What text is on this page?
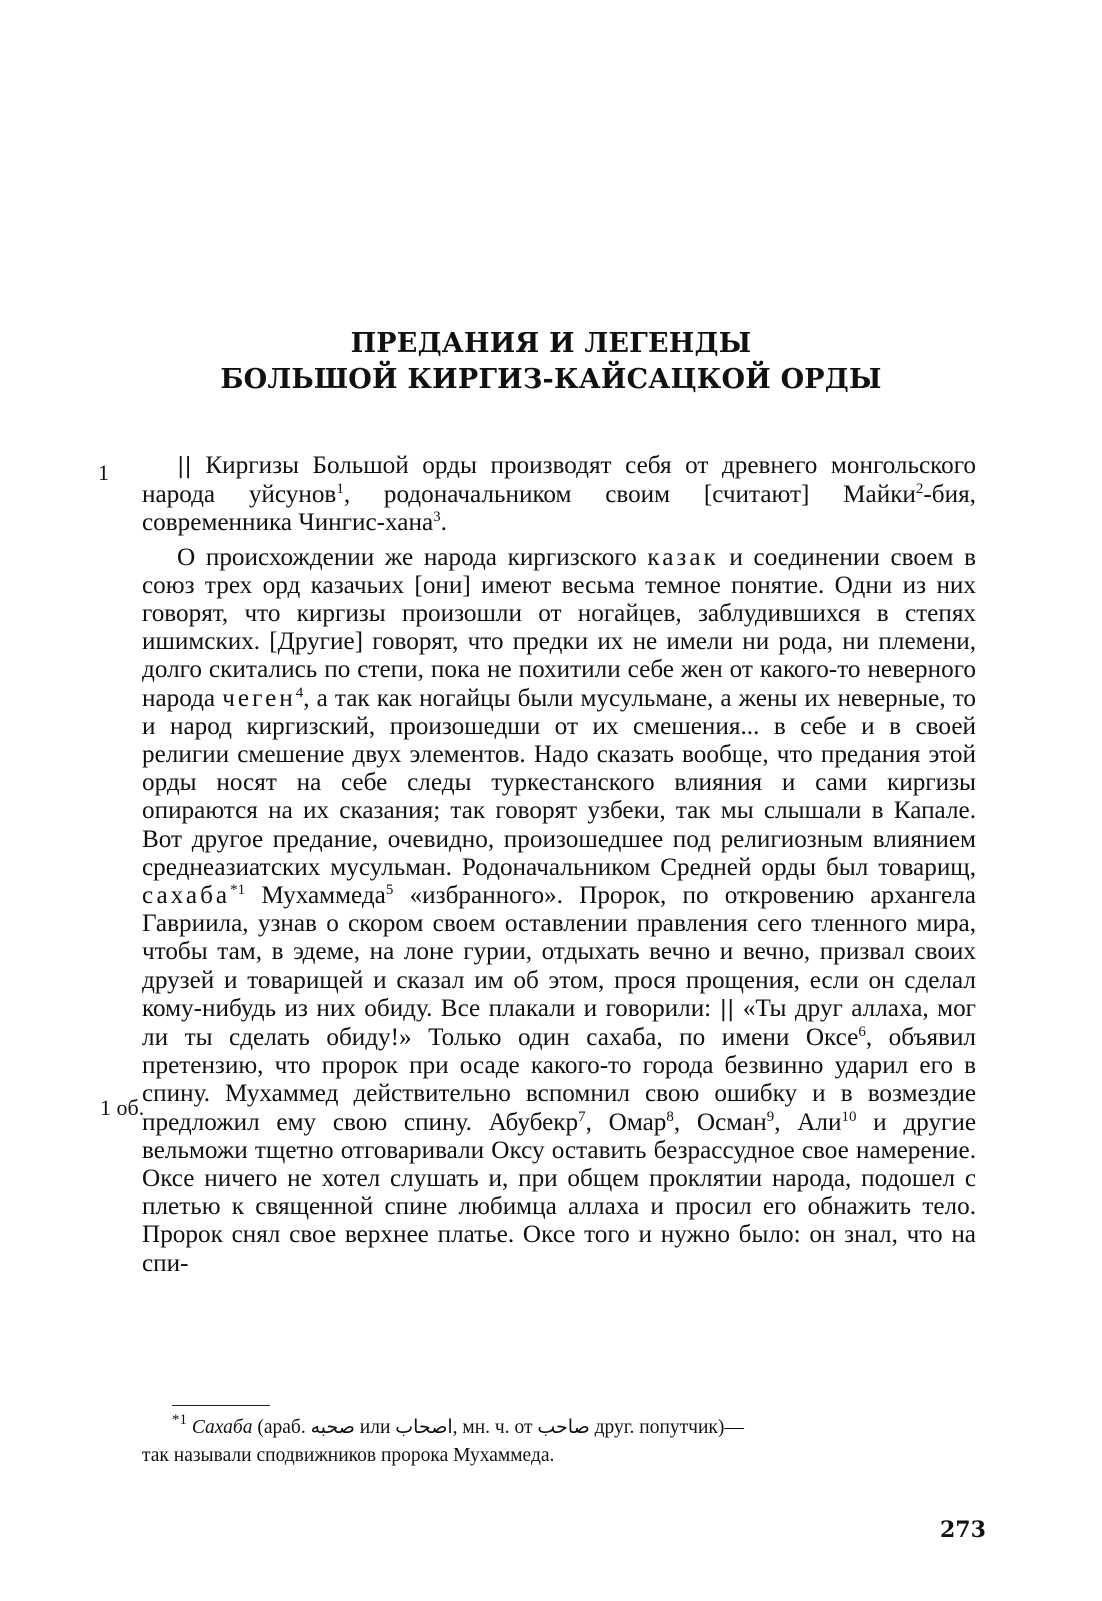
ПРЕДАНИЯ И ЛЕГЕНДЫ
БОЛЬШОЙ КИРГИЗ-КАЙСАЦКОЙ ОРДЫ
1
1 об.

|| Киргизы Большой орды производят себя от древнего монгольского народа уйсунов$^1$, родоначальником своим [считают] Майки$^2$-бия, современника Чингис-хана$^3$.

О происхождении же народа киргизского казак и соединении своем в союз трех орд казачьих [они] имеют весьма темное понятие. Одни из них говорят, что киргизы произошли от ногайцев, заблудившихся в степях ишимских. [Другие] говорят, что предки их не имели ни рода, ни племени, долго скитались по степи, пока не похитили себе жен от какого-то неверного народа чеген$^4$, а так как ногайцы были мусульмане, а жены их неверные, то и народ киргизский, произошедши от их смешения... в себе и в своей религии смешение двух элементов. Надо сказать вообще, что предания этой орды носят на себе следы туркестанского влияния и сами киргизы опираются на их сказания; так говорят узбеки, так мы слышали в Капале. Вот другое предание, очевидно, произошедшее под религиозным влиянием среднеазиатских мусульман. Родоначальником Средней орды был товарищ, сахаба$^{*1}$ Мухаммеда$^5$ «избранного». Пророк, по откровению архангела Гавриила, узнав о скором своем оставлении правления сего тленного мира, чтобы там, в эдеме, на лоне гурии, отдыхать вечно и вечно, призвал своих друзей и товарищей и сказал им об этом, прося прощения, если он сделал кому-нибудь из них обиду. Все плакали и говорили: || «Ты друг аллаха, мог ли ты сделать обиду!» Только один сахаба, по имени Оксе$^6$, объявил претензию, что пророк при осаде какого-то города безвинно ударил его в спину. Мухаммед действительно вспомнил свою ошибку и в возмездие предложил ему свою спину. Абубекр$^7$, Омар$^8$, Осман$^9$, Али$^{10}$ и другие вельможи тщетно отговаривали Оксу оставить безрассудное свое намерение. Оксе ничего не хотел слушать и, при общем проклятии народа, подошел с плетью к священной спине любимца аллаха и просил его обнажить тело. Пророк снял свое верхнее платье. Оксе того и нужно было: он знал, что на спи-

$^{*1}$ Сахаба (араб. صحبه или اصحاب, мн. ч. от صاحب друг. попутчик)—
так называли сподвижников пророка Мухаммеда.
273
